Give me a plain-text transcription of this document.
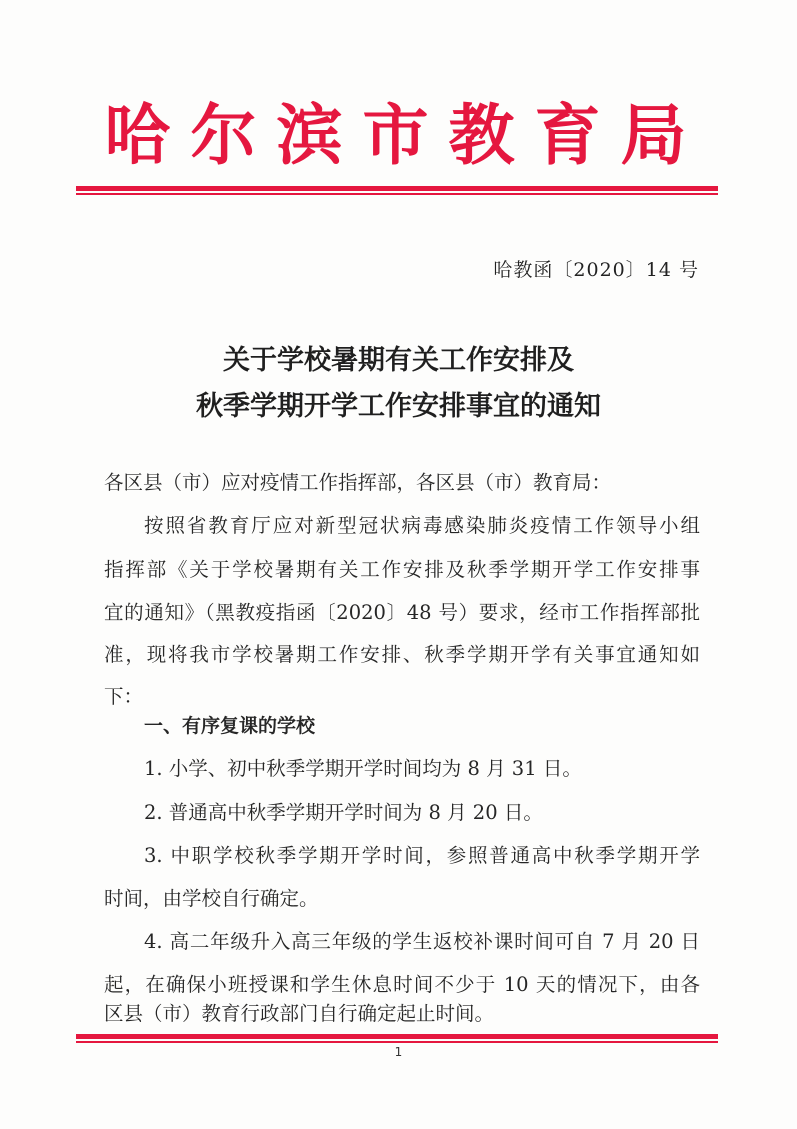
哈尔滨市教育局
哈教函〔2020〕14 号
关于学校暑期有关工作安排及
秋季学期开学工作安排事宜的通知
各区县（市）应对疫情工作指挥部，各区县（市）教育局：
按照省教育厅应对新型冠状病毒感染肺炎疫情工作领导小组
指挥部《关于学校暑期有关工作安排及秋季学期开学工作安排事
宜的通知》（黑教疫指函〔2020〕48 号）要求，经市工作指挥部批
准，现将我市学校暑期工作安排、秋季学期开学有关事宜通知如
下：
一、有序复课的学校
1. 小学、初中秋季学期开学时间均为 8 月 31 日。
2. 普通高中秋季学期开学时间为 8 月 20 日。
3. 中职学校秋季学期开学时间，参照普通高中秋季学期开学
时间，由学校自行确定。
4. 高二年级升入高三年级的学生返校补课时间可自 7 月 20 日
起，在确保小班授课和学生休息时间不少于 10 天的情况下，由各
区县（市）教育行政部门自行确定起止时间。
1
